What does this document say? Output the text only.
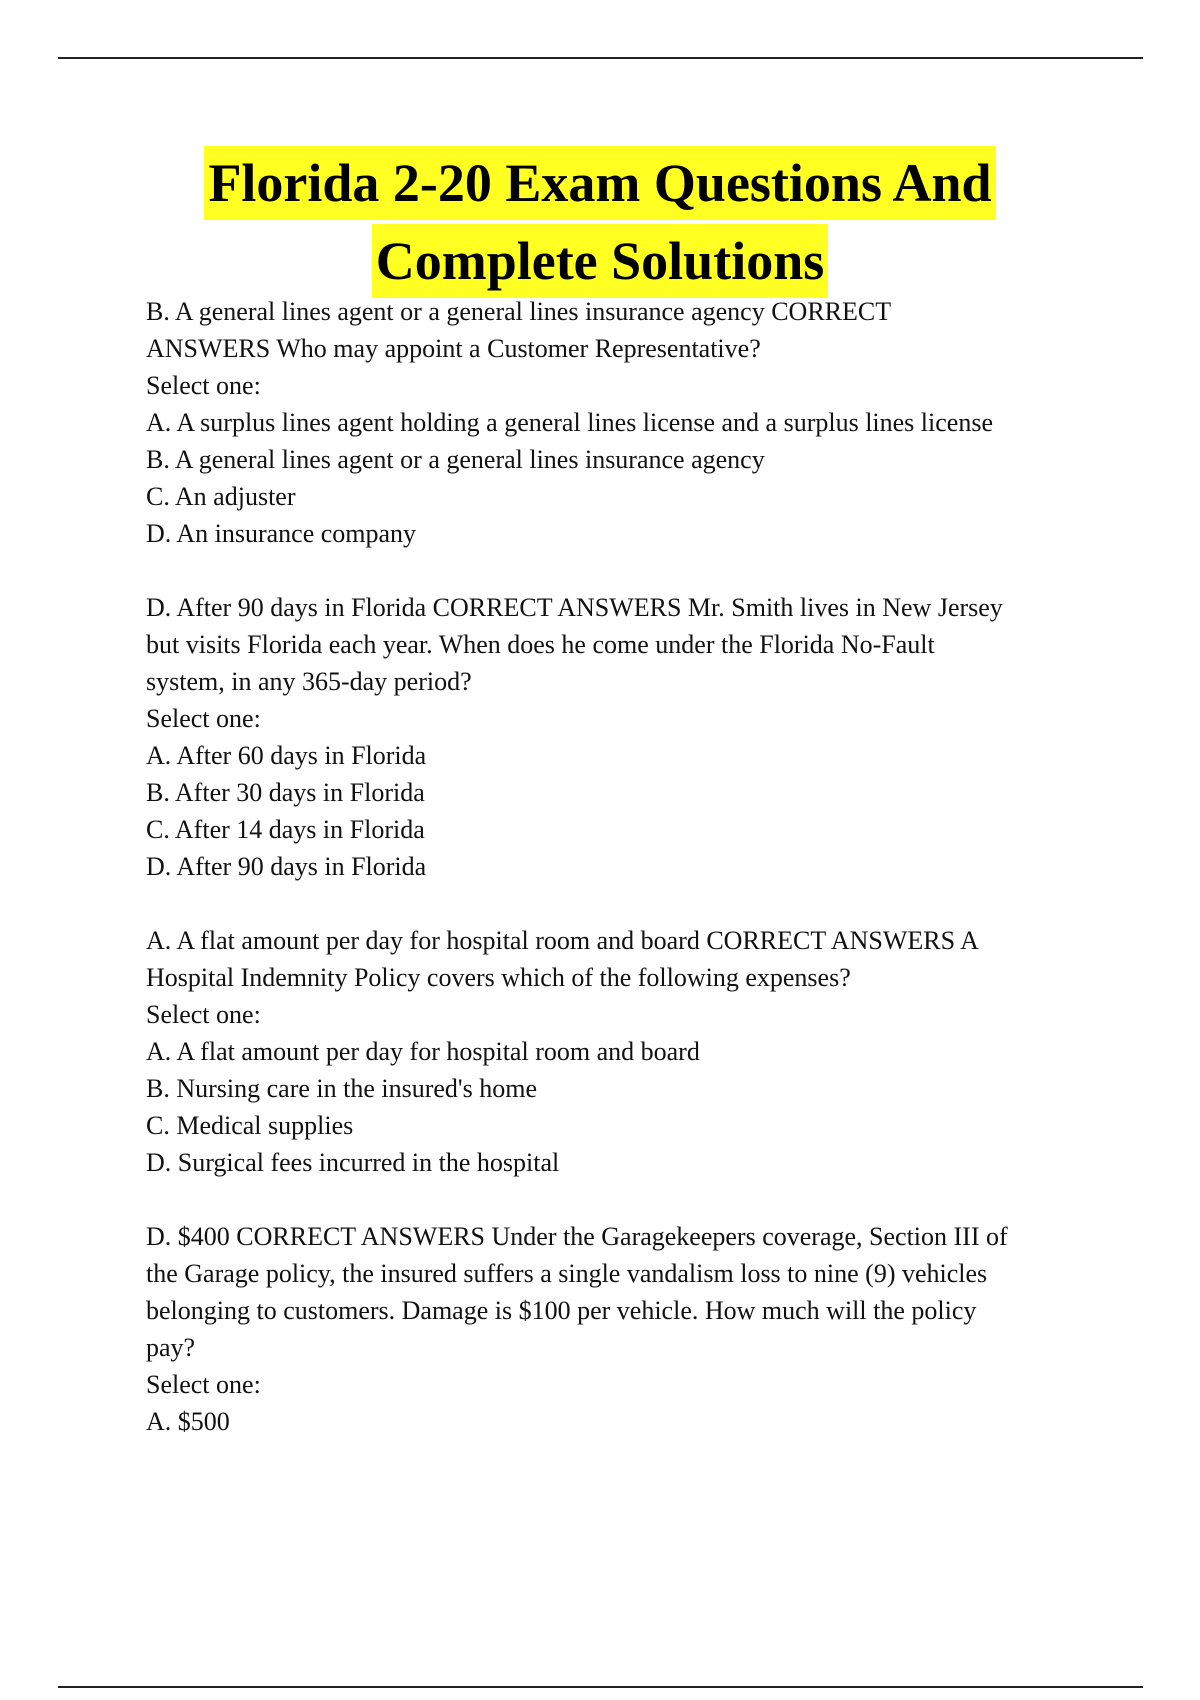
Florida 2-20 Exam Questions And
Complete Solutions
B. A general lines agent or a general lines insurance agency CORRECT
ANSWERS Who may appoint a Customer Representative?
Select one:
A. A surplus lines agent holding a general lines license and a surplus lines license
B. A general lines agent or a general lines insurance agency
C. An adjuster
D. An insurance company
D. After 90 days in Florida CORRECT ANSWERS Mr. Smith lives in New Jersey
but visits Florida each year. When does he come under the Florida No-Fault
system, in any 365-day period?
Select one:
A. After 60 days in Florida
B. After 30 days in Florida
C. After 14 days in Florida
D. After 90 days in Florida
A. A flat amount per day for hospital room and board CORRECT ANSWERS A
Hospital Indemnity Policy covers which of the following expenses?
Select one:
A. A flat amount per day for hospital room and board
B. Nursing care in the insured's home
C. Medical supplies
D. Surgical fees incurred in the hospital
D. $400 CORRECT ANSWERS Under the Garagekeepers coverage, Section III of
the Garage policy, the insured suffers a single vandalism loss to nine (9) vehicles
belonging to customers. Damage is $100 per vehicle. How much will the policy
pay?
Select one:
A. $500
